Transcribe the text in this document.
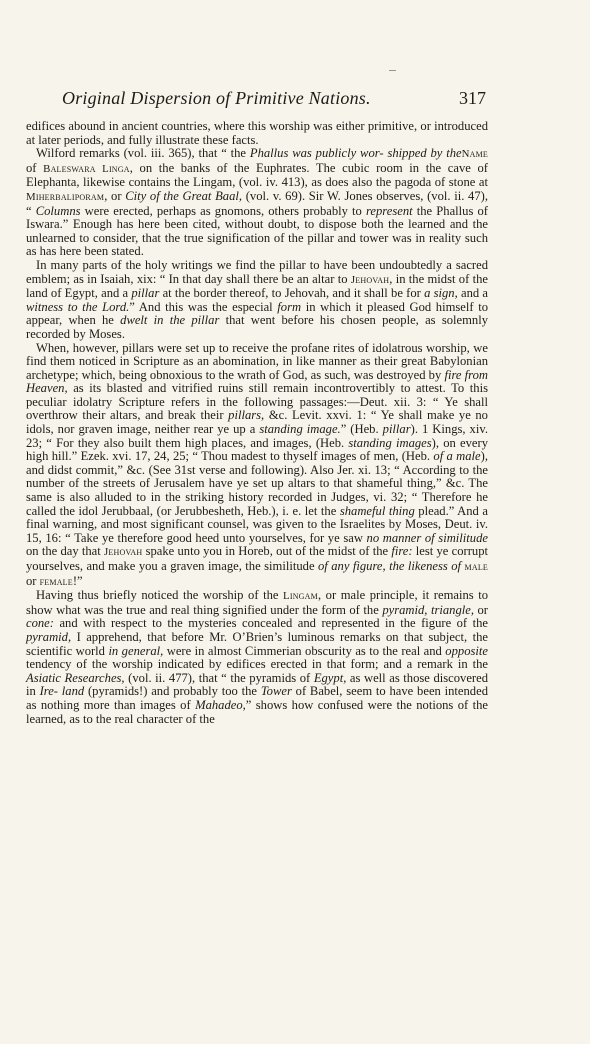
Original Dispersion of Primitive Nations.	317

edifices abound in ancient countries, where this worship was either primitive, or introduced at later periods, and fully illustrate these facts.

Wilford remarks (vol. iii. 365), that “ the Phallus was publicly wor- shipped by theName of Baleswara Linga, on the banks of the Euphrates. The cubic room in the cave of Elephanta, likewise contains the Lingam, (vol. iv. 413), as does also the pagoda of stone at Miherbaliporam, or City of the Great Baal, (vol. v. 69). Sir W. Jones observes, (vol. ii. 47), “ Columns were erected, perhaps as gnomons, others probably to represent the Phallus of Iswara.” Enough has here been cited, without doubt, to dispose both the learned and the unlearned to consider, that the true signification of the pillar and tower was in reality such as has here been stated.

In many parts of the holy writings we find the pillar to have been undoubtedly a sacred emblem; as in Isaiah, xix: “ In that day shall there be an altar to Jehovah, in the midst of the land of Egypt, and a pillar at the border thereof, to Jehovah, and it shall be for a sign, and a witness to the Lord.” And this was the especial form in which it pleased God himself to appear, when he dwelt in the pillar that went before his chosen people, as solemnly recorded by Moses.

When, however, pillars were set up to receive the profane rites of idolatrous worship, we find them noticed in Scripture as an abomination, in like manner as their great Babylonian archetype; which, being obnoxious to the wrath of God, as such, was destroyed by fire from Heaven, as its blasted and vitrified ruins still remain incontrovertibly to attest. To this peculiar idolatry Scripture refers in the following passages:—Deut. xii. 3: “ Ye shall overthrow their altars, and break their pillars, &c. Levit. xxvi. 1: “ Ye shall make ye no idols, nor graven image, neither rear ye up a standing image.” (Heb. pillar). 1 Kings, xiv. 23; “ For they also built them high places, and images, (Heb. standing images), on every high hill.” Ezek. xvi. 17, 24, 25; “ Thou madest to thyself images of men, (Heb. of a male), and didst commit,” &c. (See 31st verse and following). Also Jer. xi. 13; “ According to the number of the streets of Jerusalem have ye set up altars to that shameful thing,” &c. The same is also alluded to in the striking history recorded in Judges, vi. 32; “ Therefore he called the idol Jerubbaal, (or Jerubbesheth, Heb.), i. e. let the shameful thing plead.” And a final warning, and most significant counsel, was given to the Israelites by Moses, Deut. iv. 15, 16: “ Take ye therefore good heed unto yourselves, for ye saw no manner of similitude on the day that Jehovah spake unto you in Horeb, out of the midst of the fire: lest ye corrupt yourselves, and make you a graven image, the similitude of any figure, the likeness of male or female!”

Having thus briefly noticed the worship of the Lingam, or male principle, it remains to show what was the true and real thing signified under the form of the pyramid, triangle, or cone: and with respect to the mysteries concealed and represented in the figure of the pyramid, I apprehend, that before Mr. O’Brien’s luminous remarks on that subject, the scientific world in general, were in almost Cimmerian obscurity as to the real and opposite tendency of the worship indicated by edifices erected in that form; and a remark in the Asiatic Researches, (vol. ii. 477), that “ the pyramids of Egypt, as well as those discovered in Ire- land (pyramids!) and probably too the Tower of Babel, seem to have been intended as nothing more than images of Mahadeo,” shows how confused were the notions of the learned, as to the real character of the
